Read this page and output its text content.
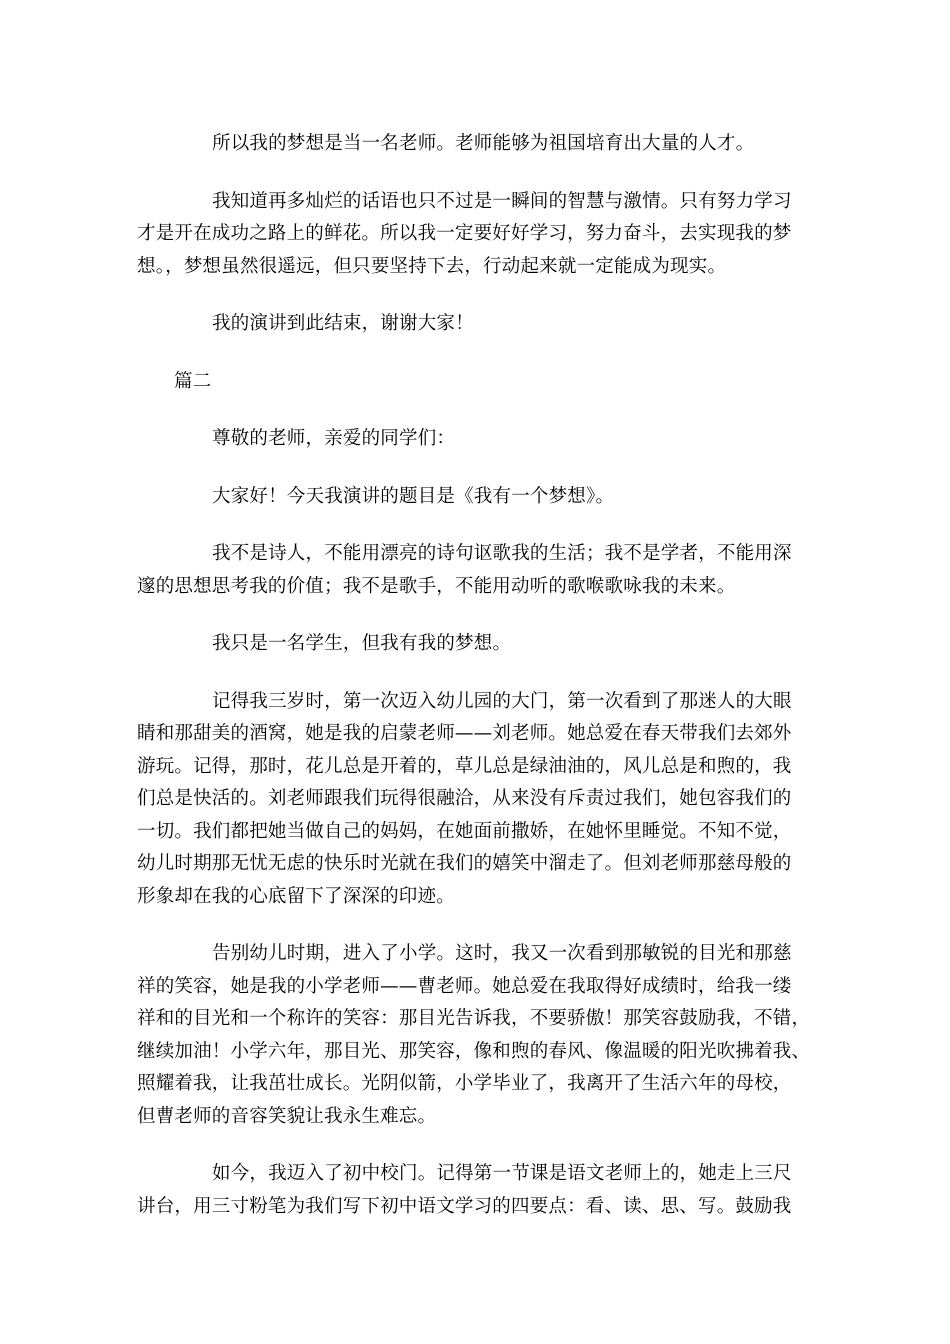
所以我的梦想是当一名老师。老师能够为祖国培育出大量的人才。

我知道再多灿烂的话语也只不过是一瞬间的智慧与激情。只有努力学习
才是开在成功之路上的鲜花。所以我一定要好好学习，努力奋斗，去实现我的梦
想。，梦想虽然很遥远，但只要坚持下去，行动起来就一定能成为现实。

我的演讲到此结束，谢谢大家！

篇二

尊敬的老师，亲爱的同学们：

大家好！今天我演讲的题目是《我有一个梦想》。

我不是诗人，不能用漂亮的诗句讴歌我的生活；我不是学者，不能用深
邃的思想思考我的价值；我不是歌手，不能用动听的歌喉歌咏我的未来。

我只是一名学生，但我有我的梦想。

记得我三岁时，第一次迈入幼儿园的大门，第一次看到了那迷人的大眼
睛和那甜美的酒窝，她是我的启蒙老师——刘老师。她总爱在春天带我们去郊外
游玩。记得，那时，花儿总是开着的，草儿总是绿油油的，风儿总是和煦的，我
们总是快活的。刘老师跟我们玩得很融洽，从来没有斥责过我们，她包容我们的
一切。我们都把她当做自己的妈妈，在她面前撒娇，在她怀里睡觉。不知不觉，
幼儿时期那无忧无虑的快乐时光就在我们的嬉笑中溜走了。但刘老师那慈母般的
形象却在我的心底留下了深深的印迹。

告别幼儿时期，进入了小学。这时，我又一次看到那敏锐的目光和那慈
祥的笑容，她是我的小学老师——曹老师。她总爱在我取得好成绩时，给我一缕
祥和的目光和一个称许的笑容：那目光告诉我，不要骄傲！那笑容鼓励我，不错，
继续加油！小学六年，那目光、那笑容，像和煦的春风、像温暖的阳光吹拂着我、
照耀着我，让我茁壮成长。光阴似箭，小学毕业了，我离开了生活六年的母校，
但曹老师的音容笑貌让我永生难忘。

如今，我迈入了初中校门。记得第一节课是语文老师上的，她走上三尺
讲台，用三寸粉笔为我们写下初中语文学习的四要点：看、读、思、写。鼓励我
